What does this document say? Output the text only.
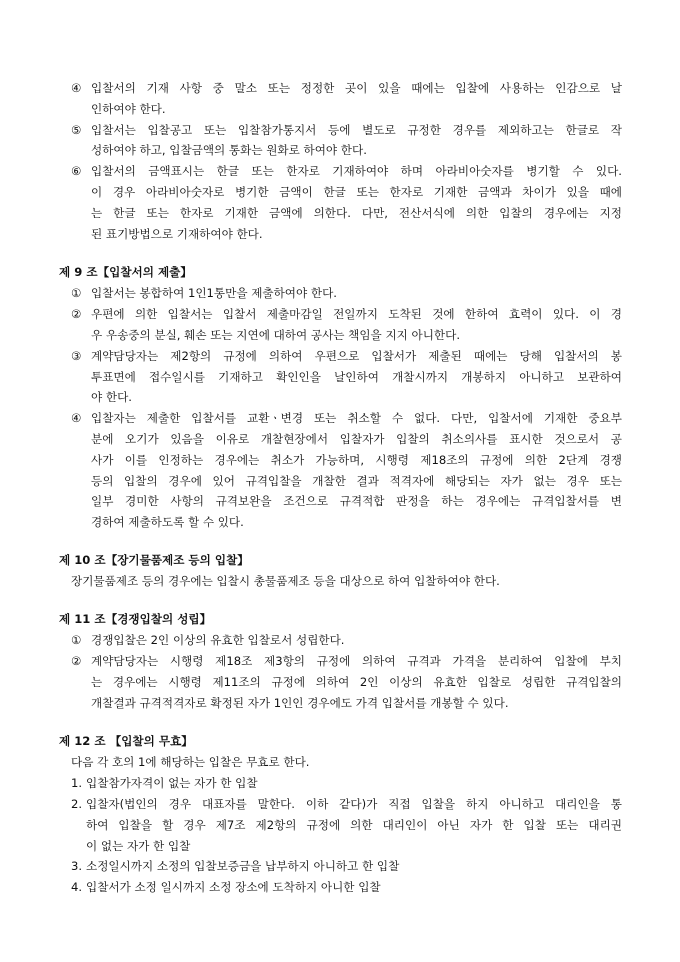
④ 입찰서의 기재 사항 중 말소 또는 정정한 곳이 있을 때에는 입찰에 사용하는 인감으로 날
인하여야 한다.
⑤ 입찰서는 입찰공고 또는 입찰참가통지서 등에 별도로 규정한 경우를 제외하고는 한글로 작
성하여야 하고, 입찰금액의 통화는 원화로 하여야 한다.
⑥ 입찰서의 금액표시는 한글 또는 한자로 기재하여야 하며 아라비아숫자를 병기할 수 있다.
이 경우 아라비아숫자로 병기한 금액이 한글 또는 한자로 기재한 금액과 차이가 있을 때에
는 한글 또는 한자로 기재한 금액에 의한다. 다만, 전산서식에 의한 입찰의 경우에는 지정
된 표기방법으로 기재하여야 한다.
제 9 조【입찰서의 제출】
① 입찰서는 봉합하여 1인1통만을 제출하여야 한다.
② 우편에 의한 입찰서는 입찰서 제출마감일 전일까지 도착된 것에 한하여 효력이 있다. 이 경
우 우송중의 분실, 훼손 또는 지연에 대하여 공사는 책임을 지지 아니한다.
③ 계약담당자는 제2항의 규정에 의하여 우편으로 입찰서가 제출된 때에는 당해 입찰서의 봉
투표면에 접수일시를 기재하고 확인인을 날인하여 개찰시까지 개봉하지 아니하고 보관하여
야 한다.
④ 입찰자는 제출한 입찰서를 교환ㆍ변경 또는 취소할 수 없다. 다만, 입찰서에 기재한 중요부
분에 오기가 있음을 이유로 개찰현장에서 입찰자가 입찰의 취소의사를 표시한 것으로서 공
사가 이를 인정하는 경우에는 취소가 가능하며, 시행령 제18조의 규정에 의한 2단계 경쟁
등의 입찰의 경우에 있어 규격입찰을 개찰한 결과 적격자에 해당되는 자가 없는 경우 또는
일부 경미한 사항의 규격보완을 조건으로 규격적합 판정을 하는 경우에는 규격입찰서를 변
경하여 제출하도록 할 수 있다.
제 10 조【장기물품제조 등의 입찰】
장기물품제조 등의 경우에는 입찰시 총물품제조 등을 대상으로 하여 입찰하여야 한다.
제 11 조【경쟁입찰의 성립】
① 경쟁입찰은 2인 이상의 유효한 입찰로서 성립한다.
② 계약담당자는 시행령 제18조 제3항의 규정에 의하여 규격과 가격을 분리하여 입찰에 부치
는 경우에는 시행령 제11조의 규정에 의하여 2인 이상의 유효한 입찰로 성립한 규격입찰의
개찰결과 규격적격자로 확정된 자가 1인인 경우에도 가격 입찰서를 개봉할 수 있다.
제 12 조 【입찰의 무효】
다음 각 호의 1에 해당하는 입찰은 무효로 한다.
1. 입찰참가자격이 없는 자가 한 입찰
2. 입찰자(법인의 경우 대표자를 말한다. 이하 같다)가 직접 입찰을 하지 아니하고 대리인을 통
하여 입찰을 할 경우 제7조 제2항의 규정에 의한 대리인이 아닌 자가 한 입찰 또는 대리권
이 없는 자가 한 입찰
3. 소정일시까지 소정의 입찰보증금을 납부하지 아니하고 한 입찰
4. 입찰서가 소정 일시까지 소정 장소에 도착하지 아니한 입찰
